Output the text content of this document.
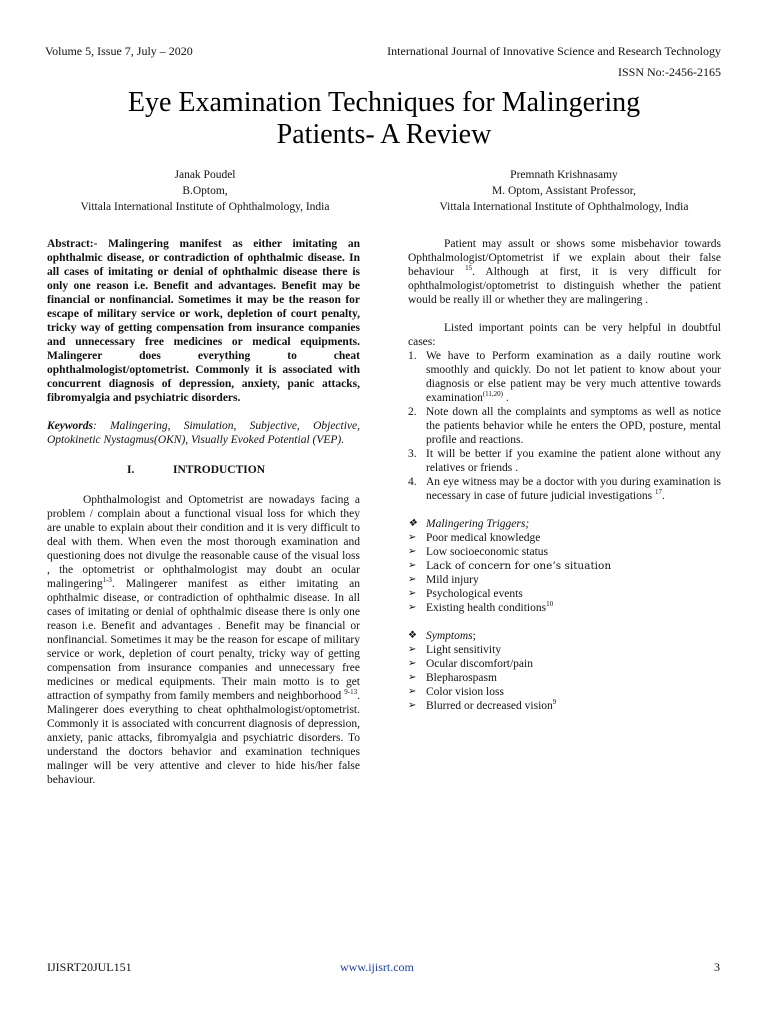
Volume 5, Issue 7, July – 2020	International Journal of Innovative Science and Research Technology
ISSN No:-2456-2165
Eye Examination Techniques for Malingering
Patients- A Review
Janak Poudel
B.Optom,
Vittala International Institute of Ophthalmology, India
Premnath Krishnasamy
M. Optom, Assistant Professor,
Vittala International Institute of Ophthalmology, India

Abstract:- Malingering manifest as either imitating an ophthalmic disease, or contradiction of ophthalmic disease. In all cases of imitating or denial of ophthalmic disease there is only one reason i.e. Benefit and advantages. Benefit may be financial or nonfinancial. Sometimes it may be the reason for escape of military service or work, depletion of court penalty, tricky way of getting compensation from insurance companies and unnecessary free medicines or medical equipments. Malingerer does everything to cheat ophthalmologist/optometrist. Commonly it is associated with concurrent diagnosis of depression, anxiety, panic attacks, fibromyalgia and psychiatric disorders.

Keywords: Malingering, Simulation, Subjective, Objective, Optokinetic Nystagmus(OKN), Visually Evoked Potential (VEP).

I.	INTRODUCTION

Ophthalmologist and Optometrist are nowadays facing a problem / complain about a functional visual loss for which they are unable to explain about their condition and it is very difficult to deal with them. When even the most thorough examination and questioning does not divulge the reasonable cause of the visual loss , the optometrist or ophthalmologist may doubt an ocular malingering$^{1-3}$. Malingerer manifest as either imitating an ophthalmic disease, or contradiction of ophthalmic disease. In all cases of imitating or denial of ophthalmic disease there is only one reason i.e. Benefit and advantages . Benefit may be financial or nonfinancial. Sometimes it may be the reason for escape of military service or work, depletion of court penalty, tricky way of getting compensation from insurance companies and unnecessary free medicines or medical equipments. Their main motto is to get attraction of sympathy from family members and neighborhood $^{9-13}$. Malingerer does everything to cheat ophthalmologist/optometrist. Commonly it is associated with concurrent diagnosis of depression, anxiety, panic attacks, fibromyalgia and psychiatric disorders. To understand the doctors behavior and examination techniques malinger will be very attentive and clever to hide his/her false behaviour.

Patient may assult or shows some misbehavior towards Ophthalmologist/Optometrist if we explain about their false behaviour $^{15}$. Although at first, it is very difficult for ophthalmologist/optometrist to distinguish whether the patient would be really ill or whether they are malingering .

Listed important points can be very helpful in doubtful cases:

1. We have to Perform examination as a daily routine work smoothly and quickly. Do not let patient to know about your diagnosis or else patient may be very much attentive towards examination$^{(11,20)}$ .
2. Note down all the complaints and symptoms as well as notice the patients behavior while he enters the OPD, posture, mental profile and reactions.
3. It will be better if you examine the patient alone without any relatives or friends .
4. An eye witness may be a doctor with you during examination is necessary in case of future judicial investigations $^{17}$.
❖ Malingering Triggers;
➢ Poor medical knowledge
➢ Low socioeconomic status
➢ Lack of concern for one’s situation
➢ Mild injury
➢ Psychological events
➢ Existing health conditions$^{10}$
❖ Symptoms;
➢ Light sensitivity
➢ Ocular discomfort/pain
➢ Blepharospasm
➢ Color vision loss
➢ Blurred or decreased vision$^9$
IJISRT20JUL151	www.ijisrt.com	3
